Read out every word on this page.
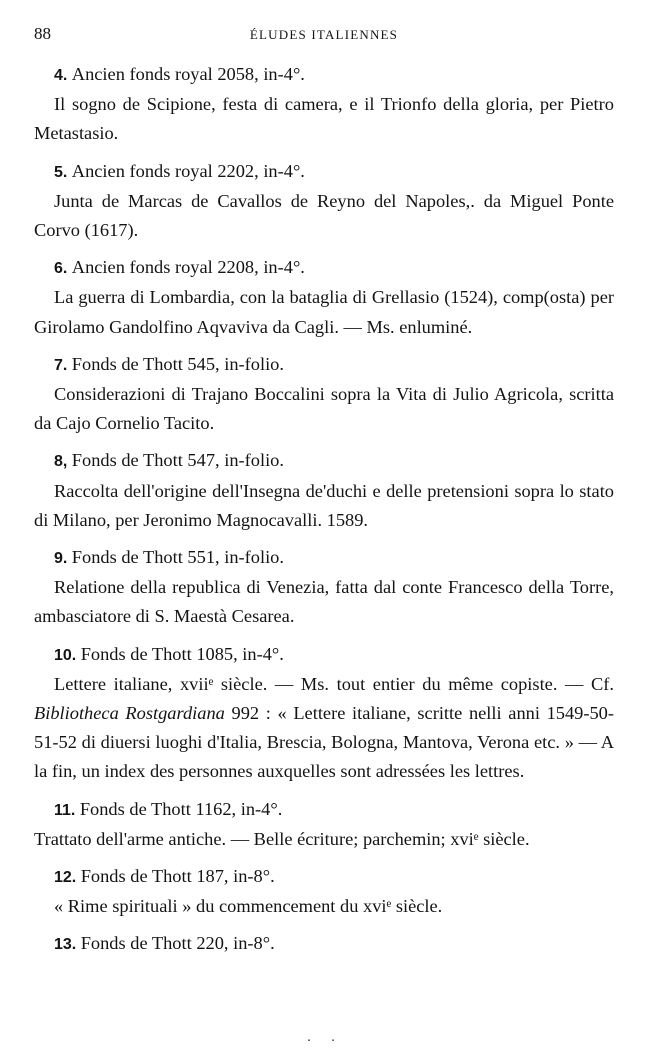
88	ÉLUDES ITALIENNES
4. Ancien fonds royal 2058, in-4°.
Il sogno de Scipione, festa di camera, e il Trionfo della gloria, per Pietro Metastasio.
5. Ancien fonds royal 2202, in-4°.
Junta de Marcas de Cavallos de Reyno del Napoles,. da Miguel Ponte Corvo (1617).
6. Ancien fonds royal 2208, in-4°.
La guerra di Lombardia, con la bataglia di Grellasio (1524), comp(osta) per Girolamo Gandolfino Aqvaviva da Cagli. — Ms. enluminé.
7. Fonds de Thott 545, in-folio.
Considerazioni di Trajano Boccalini sopra la Vita di Julio Agricola, scritta da Cajo Cornelio Tacito.
8, Fonds de Thott 547, in-folio.
Raccolta dell'origine dell'Insegna de'duchi e delle pretensioni sopra lo stato di Milano, per Jeronimo Magnocavalli. 1589.
9. Fonds de Thott 551, in-folio.
Relatione della republica di Venezia, fatta dal conte Francesco della Torre, ambasciatore di S. Maestà Cesarea.
10. Fonds de Thott 1085, in-4°.
Lettere italiane, xviiᵉ siècle. — Ms. tout entier du même copiste. — Cf. Bibliotheca Rostgardiana 992 : « Lettere italiane, scritte nelli anni 1549-50-51-52 di diuersi luoghi d'Italia, Brescia, Bologna, Mantova, Verona etc. » — A la fin, un index des personnes auxquelles sont adressées les lettres.
11. Fonds de Thott 1162, in-4°.
Trattato dell'arme antiche. — Belle écriture; parchemin; xviᵉ siècle.
12. Fonds de Thott 187, in-8°.
« Rime spirituali » du commencement du xviᵉ siècle.
13. Fonds de Thott 220, in-8°.
· ·
